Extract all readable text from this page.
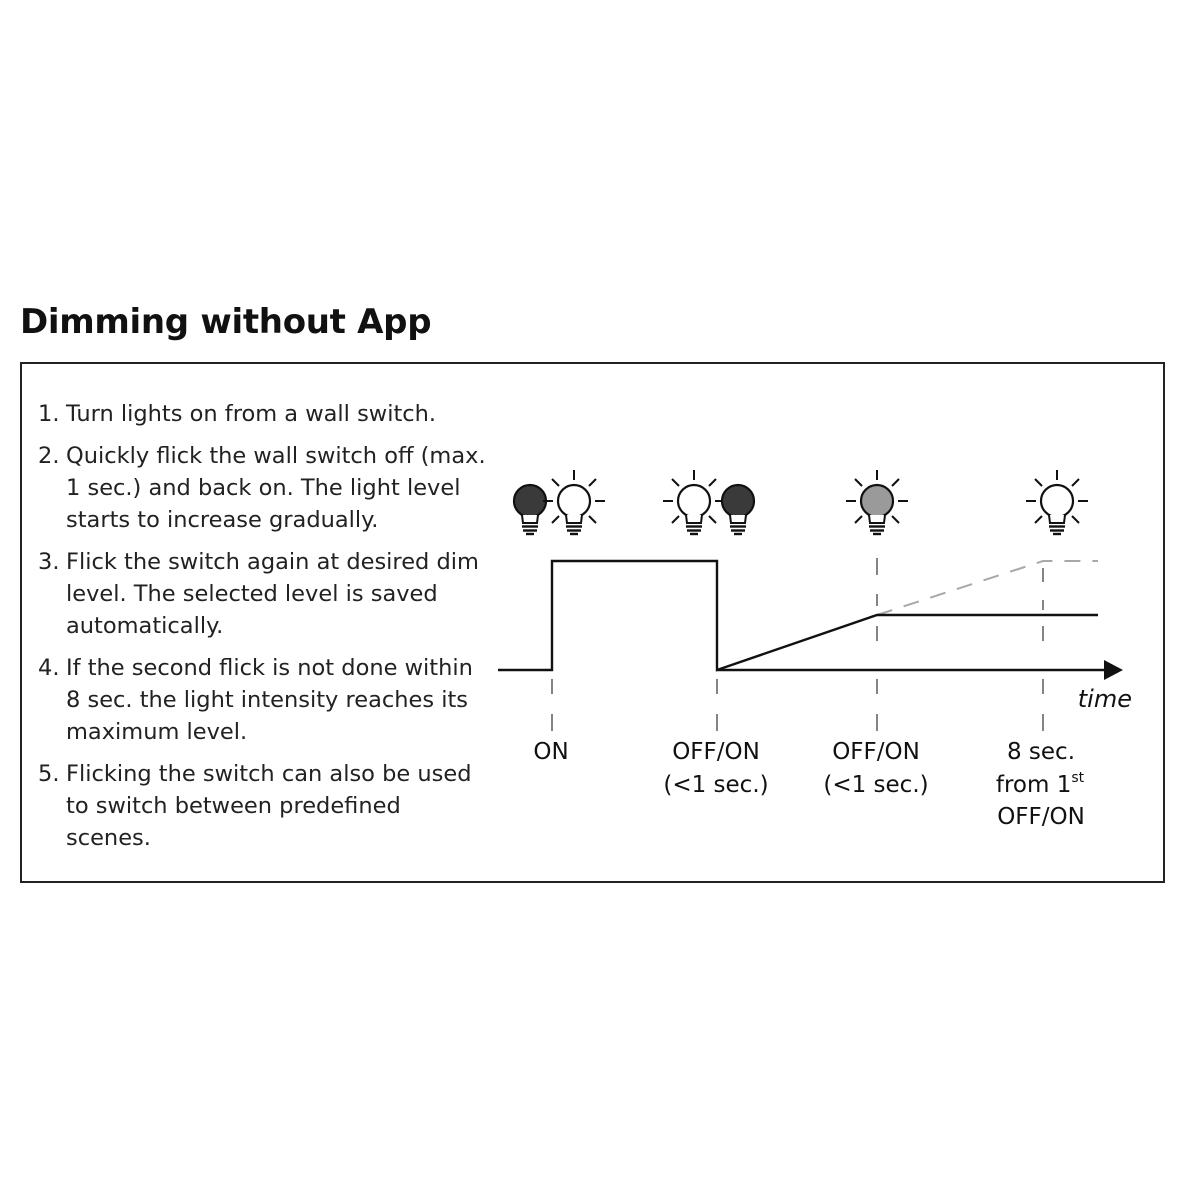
Dimming without App
1. Turn lights on from a wall switch.
2. Quickly flick the wall switch off (max. 1 sec.) and back on. The light level starts to increase gradually.
3. Flick the switch again at desired dim level. The selected level is saved automatically.
4. If the second flick is not done within 8 sec. the light intensity reaches its maximum level.
5. Flicking the switch can also be used to switch between predefined scenes.
time
ON	OFF/ON
(<1 sec.)
OFF/ON
(<1 sec.)
8 sec.
from 1st
OFF/ON
